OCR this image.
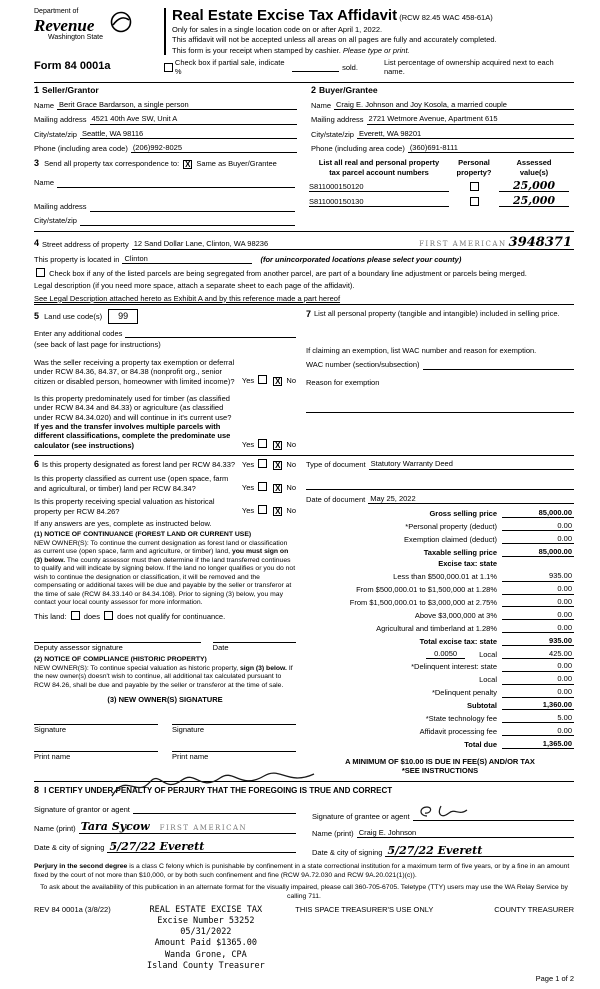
Department of
Revenue
Washington State
Real Estate Excise Tax Affidavit (RCW 82.45 WAC 458-61A)
Only for sales in a single location code on or after April 1, 2022.
This affidavit will not be accepted unless all areas on all pages are fully and accurately completed.
This form is your receipt when stamped by cashier. Please type or print.
Form 84 0001a	Check box if partial sale, indicate %
sold.
List percentage of ownership acquired next to each name.
1 Seller/Grantor
Name Berit Grace Bardarson, a single person
Mailing address 4521 40th Ave SW, Unit A
City/state/zip Seattle, WA 98116
Phone (including area code) (206)992-8025
2 Buyer/Grantee
Name Craig E. Johnson and Joy Kosola, a married couple
Mailing address 2721 Wetmore Avenue, Apartment 615
City/state/zip Everett, WA 98201
Phone (including area code) (360)691-8111
3 Send all property tax correspondence to: X Same as Buyer/Grantee
Name
Mailing address
City/state/zip
List all real and personal property
tax parcel account numbers
Personal
property?
Assessed
value(s)
S811000150120	25,000
S811000150130	25,000
4 Street address of property 12 Sand Dollar Lane, Clinton, WA 98236	FIRST AMERICAN 3948371
This property is located in Clinton	(for unincorporated locations please select your county)
Check box if any of the listed parcels are being segregated from another parcel, are part of a boundary line adjustment or parcels being merged.
Legal description (if you need more space, attach a separate sheet to each page of the affidavit).
See Legal Description attached hereto as Exhibit A and by this reference made a part hereof
5 Land use code(s) 99
Enter any additional codes
(see back of last page for instructions)
Was the seller receiving a property tax exemption or deferral under RCW 84.36, 84.37, or 84.38 (nonprofit org., senior citizen or disabled person, homeowner with limited income)? Yes	X No
Is this property predominately used for timber (as classified under RCW 84.34 and 84.33) or agriculture (as classified under RCW 84.34.020) and will continue in it's current use? If yes and the transfer involves multiple parcels with different classifications, complete the predominate use calculator (see instructions)	Yes	X No
7 List all personal property (tangible and intangible) included in selling price.
If claiming an exemption, list WAC number and reason for exemption.
WAC number (section/subsection)
Reason for exemption
6 Is this property designated as forest land per RCW 84.33? Yes	X No
Is this property classified as current use (open space, farm and agricultural, or timber) land per RCW 84.34?	Yes	X No
Is this property receiving special valuation as historical property per RCW 84.26?	Yes	X No
If any answers are yes, complete as instructed below.
(1) NOTICE OF CONTINUANCE (FOREST LAND OR CURRENT USE)
NEW OWNER(S): To continue the current designation as forest land or classification as current use (open space, farm and agriculture, or timber) land, you must sign on (3) below. The county assessor must then determine if the land transferred continues to qualify and will indicate by signing below. If the land no longer qualifies or you do not wish to continue the designation or classification, it will be removed and the compensating or additional taxes will be due and payable by the seller or transferor at the time of sale (RCW 84.33.140 or 84.34.108). Prior to signing (3) below, you may contact your local county assessor for more information.
This land: does does not qualify for continuance.
Deputy assessor signature	Date
(2) NOTICE OF COMPLIANCE (HISTORIC PROPERTY)
NEW OWNER(S): To continue special valuation as historic property, sign (3) below. If the new owner(s) doesn't wish to continue, all additional tax calculated pursuant to RCW 84.26, shall be due and payable by the seller or transferor at the time of sale.
(3) NEW OWNER(S) SIGNATURE
Signature	Signature
Print name	Print name
Type of document Statutory Warranty Deed
Date of document May 25, 2022
Gross selling price	85,000.00
*Personal property (deduct)	0.00
Exemption claimed (deduct)	0.00
Taxable selling price	85,000.00
Excise tax: state
Less than $500,000.01 at 1.1%	935.00
From $500,000.01 to $1,500,000 at 1.28%	0.00
From $1,500,000.01 to $3,000,000 at 2.75%	0.00
Above $3,000,000 at 3%	0.00
Agricultural and timberland at 1.28%	0.00
Total excise tax: state	935.00
0.0050	Local	425.00
*Delinquent interest: state	0.00
Local	0.00
*Delinquent penalty	0.00
Subtotal	1,360.00
*State technology fee	5.00
Affidavit processing fee	0.00
Total due	1,365.00
A MINIMUM OF $10.00 IS DUE IN FEE(S) AND/OR TAX
*SEE INSTRUCTIONS
8 I CERTIFY UNDER PENALTY OF PERJURY THAT THE FOREGOING IS TRUE AND CORRECT
Signature of grantor or agent
Name (print) Tara Sycow FIRST AMERICAN
Date & city of signing 5/27/22 Everett
Signature of grantee or agent
Name (print) Craig E. Johnson
Date & city of signing 5/27/22 Everett
Perjury in the second degree is a class C felony which is punishable by confinement in a state correctional institution for a maximum term of five years, or by a fine in an amount fixed by the court of not more than $10,000, or by both such confinement and fine (RCW 9A.72.030 and RCW 9A.20.021(1)(c)).
To ask about the availability of this publication in an alternate format for the visually impaired, please call 360-705-6705. Teletype (TTY) users may use the WA Relay Service by calling 711.
REV 84 0001a (3/8/22)	REAL ESTATE EXCISE TAX
Excise Number 53252
05/31/2022
Amount Paid $1365.00
Wanda Grone, CPA
Island County Treasurer
THIS SPACE TREASURER'S USE ONLY	COUNTY TREASURER
Page 1 of 2
